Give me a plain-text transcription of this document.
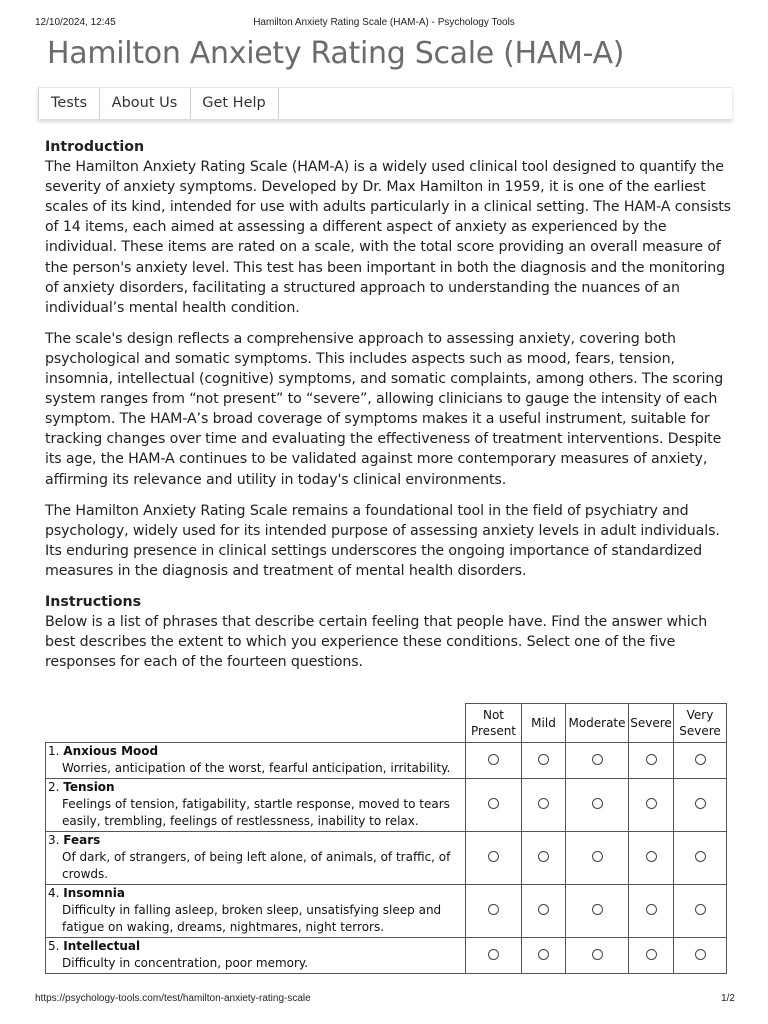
12/10/2024, 12:45	Hamilton Anxiety Rating Scale (HAM-A) - Psychology Tools
Hamilton Anxiety Rating Scale (HAM-A)
Tests	About Us	Get Help
Introduction

The Hamilton Anxiety Rating Scale (HAM-A) is a widely used clinical tool designed to quantify the severity of anxiety symptoms. Developed by Dr. Max Hamilton in 1959, it is one of the earliest scales of its kind, intended for use with adults particularly in a clinical setting. The HAM-A consists of 14 items, each aimed at assessing a different aspect of anxiety as experienced by the individual. These items are rated on a scale, with the total score providing an overall measure of the person's anxiety level. This test has been important in both the diagnosis and the monitoring of anxiety disorders, facilitating a structured approach to understanding the nuances of an individual’s mental health condition.

The scale's design reflects a comprehensive approach to assessing anxiety, covering both psychological and somatic symptoms. This includes aspects such as mood, fears, tension, insomnia, intellectual (cognitive) symptoms, and somatic complaints, among others. The scoring system ranges from “not present” to “severe”, allowing clinicians to gauge the intensity of each symptom. The HAM-A’s broad coverage of symptoms makes it a useful instrument, suitable for tracking changes over time and evaluating the effectiveness of treatment interventions. Despite its age, the HAM-A continues to be validated against more contemporary measures of anxiety, affirming its relevance and utility in today's clinical environments.

The Hamilton Anxiety Rating Scale remains a foundational tool in the field of psychiatry and psychology, widely used for its intended purpose of assessing anxiety levels in adult individuals. Its enduring presence in clinical settings underscores the ongoing importance of standardized measures in the diagnosis and treatment of mental health disorders.

Instructions

Below is a list of phrases that describe certain feeling that people have. Find the answer which best describes the extent to which you experience these conditions. Select one of the five responses for each of the fourteen questions.

	Not Present	Mild	Moderate	Severe	Very Severe

1. Anxious Mood
Worries, anticipation of the worst, fearful anticipation, irritability.					

2. Tension
Feelings of tension, fatigability, startle response, moved to tears easily, trembling, feelings of restlessness, inability to relax.					

3. Fears
Of dark, of strangers, of being left alone, of animals, of traffic, of crowds.					

4. Insomnia
Difficulty in falling asleep, broken sleep, unsatisfying sleep and fatigue on waking, dreams, nightmares, night terrors.					

5. Intellectual
Difficulty in concentration, poor memory.					

https://psychology-tools.com/test/hamilton-anxiety-rating-scale	1/2
